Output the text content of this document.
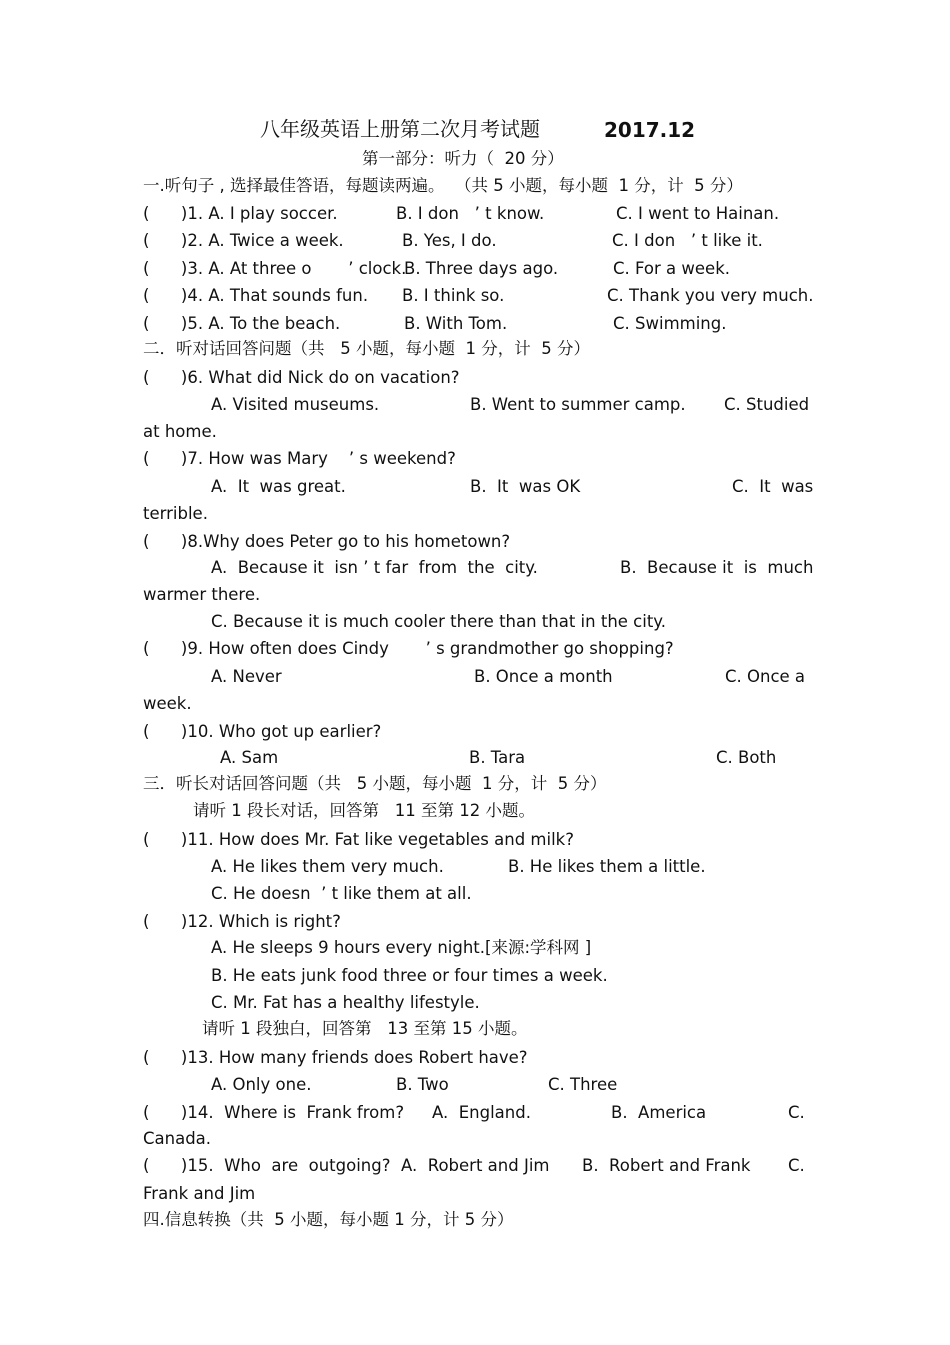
八年级英语上册第二次月考试题	2017.12
第一部分：听力（  20 分）
一.听句子 , 选择最佳答语，每题读两遍。  （共 5 小题，每小题  1 分，计  5 分）
(      )1. A. I play soccer.	B. I don   ’ t know.	C. I went to Hainan.
(      )2. A. Twice a week.	B. Yes, I do.	C. I don   ’ t like it.
(      )3. A. At three o       ’ clock.
B. Three days ago.	C. For a week.
(      )4. A. That sounds fun. B. I think so.	C. Thank you very much.
(      )5. A. To the beach.	B. With Tom.	C. Swimming.
二．听对话回答问题（共   5 小题，每小题  1 分，计  5 分）
(      )6. What did Nick do on vacation?
A. Visited museums.	B. Went to summer camp. C. Studied
at home.
(      )7. How was Mary    ’ s weekend?
A.  It  was great.	B.  It  was OK	C.  It  was
terrible.
(      )8.Why does Peter go to his hometown?
A.  Because it  isn ’ t far  from  the  city.	B.  Because it  is  much
warmer there.
C. Because it is much cooler there than that in the city.
(      )9. How often does Cindy       ’ s grandmother go shopping?
A. Never	B. Once a month	C. Once a
week.
(      )10. Who got up earlier?
A. Sam	B. Tara	C. Both
三．听长对话回答问题（共   5 小题，每小题  1 分，计  5 分）
请听 1 段长对话，回答第   11 至第 12 小题。
(      )11. How does Mr. Fat like vegetables and milk?
A. He likes them very much.	B. He likes them a little.
C. He doesn  ’ t like them at all.
(      )12. Which is right?
A. He sleeps 9 hours every night.[来源:学科网 ]
B. He eats junk food three or four times a week.
C. Mr. Fat has a healthy lifestyle.
请听 1 段独白，回答第   13 至第 15 小题。
(      )13. How many friends does Robert have?
A. Only one.	B. Two	C. Three
(      )14.  Where is  Frank from? A.  England.	B.  America	C.
Canada.
(      )15.  Who  are  outgoing? A.  Robert and Jim B.  Robert and Frank C.
Frank and Jim
四.信息转换（共  5 小题，每小题 1 分，计 5 分）
